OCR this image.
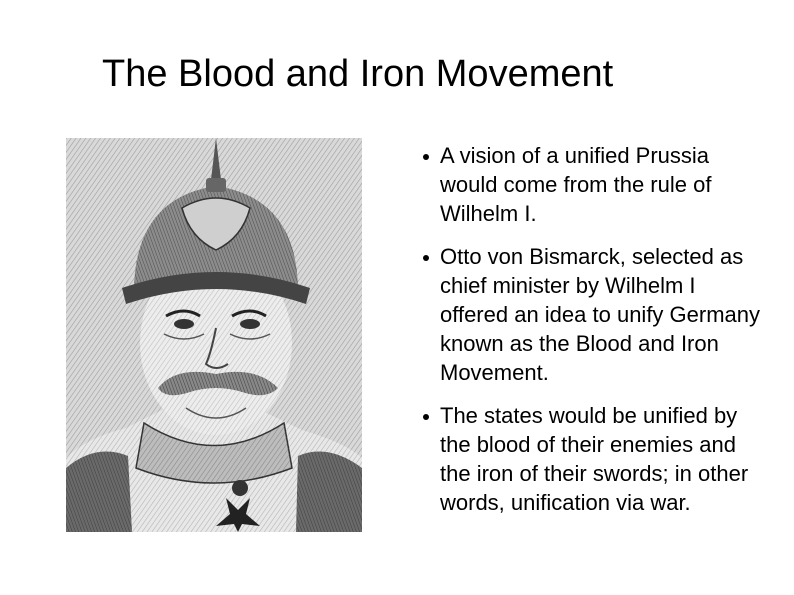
The Blood and Iron Movement
A vision of a unified Prussia would come from the rule of Wilhelm I.
Otto von Bismarck, selected as chief minister by Wilhelm I offered an idea to unify Germany known as the Blood and Iron Movement.
The states would be unified by the blood of their enemies and the iron of their swords; in other words, unification via war.
